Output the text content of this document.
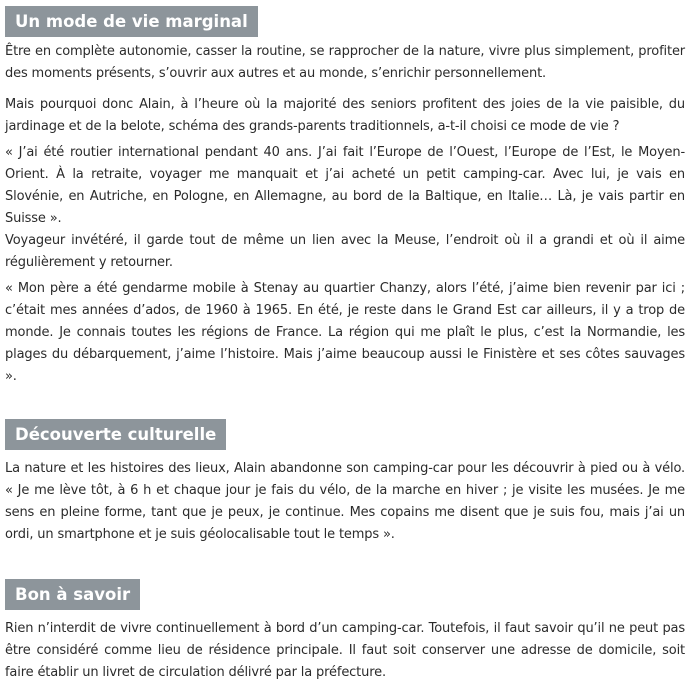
Un mode de vie marginal

Être en complète autonomie, casser la routine, se rapprocher de la nature, vivre plus simplement, profiter des moments présents, s’ouvrir aux autres et au monde, s’enrichir personnellement.

Mais pourquoi donc Alain, à l’heure où la majorité des seniors profitent des joies de la vie paisible, du jardinage et de la belote, schéma des grands-parents traditionnels, a-t-il choisi ce mode de vie ?

« J’ai été routier international pendant 40 ans. J’ai fait l’Europe de l’Ouest, l’Europe de l’Est, le Moyen-Orient. À la retraite, voyager me manquait et j’ai acheté un petit camping-car. Avec lui, je vais en Slovénie, en Autriche, en Pologne, en Allemagne, au bord de la Baltique, en Italie… Là, je vais partir en Suisse ».

Voyageur invétéré, il garde tout de même un lien avec la Meuse, l’endroit où il a grandi et où il aime régulièrement y retourner.

« Mon père a été gendarme mobile à Stenay au quartier Chanzy, alors l’été, j’aime bien revenir par ici ; c’était mes années d’ados, de 1960 à 1965. En été, je reste dans le Grand Est car ailleurs, il y a trop de monde. Je connais toutes les régions de France. La région qui me plaît le plus, c’est la Normandie, les plages du débarquement, j’aime l’histoire. Mais j’aime beaucoup aussi le Finistère et ses côtes sauvages ».

Découverte culturelle

La nature et les histoires des lieux, Alain abandonne son camping-car pour les découvrir à pied ou à vélo. « Je me lève tôt, à 6 h et chaque jour je fais du vélo, de la marche en hiver ; je visite les musées. Je me sens en pleine forme, tant que je peux, je continue. Mes copains me disent que je suis fou, mais j’ai un ordi, un smartphone et je suis géolocalisable tout le temps ».

Bon à savoir

Rien n’interdit de vivre continuellement à bord d’un camping-car. Toutefois, il faut savoir qu’il ne peut pas être considéré comme lieu de résidence principale. Il faut soit conserver une adresse de domicile, soit faire établir un livret de circulation délivré par la préfecture.
